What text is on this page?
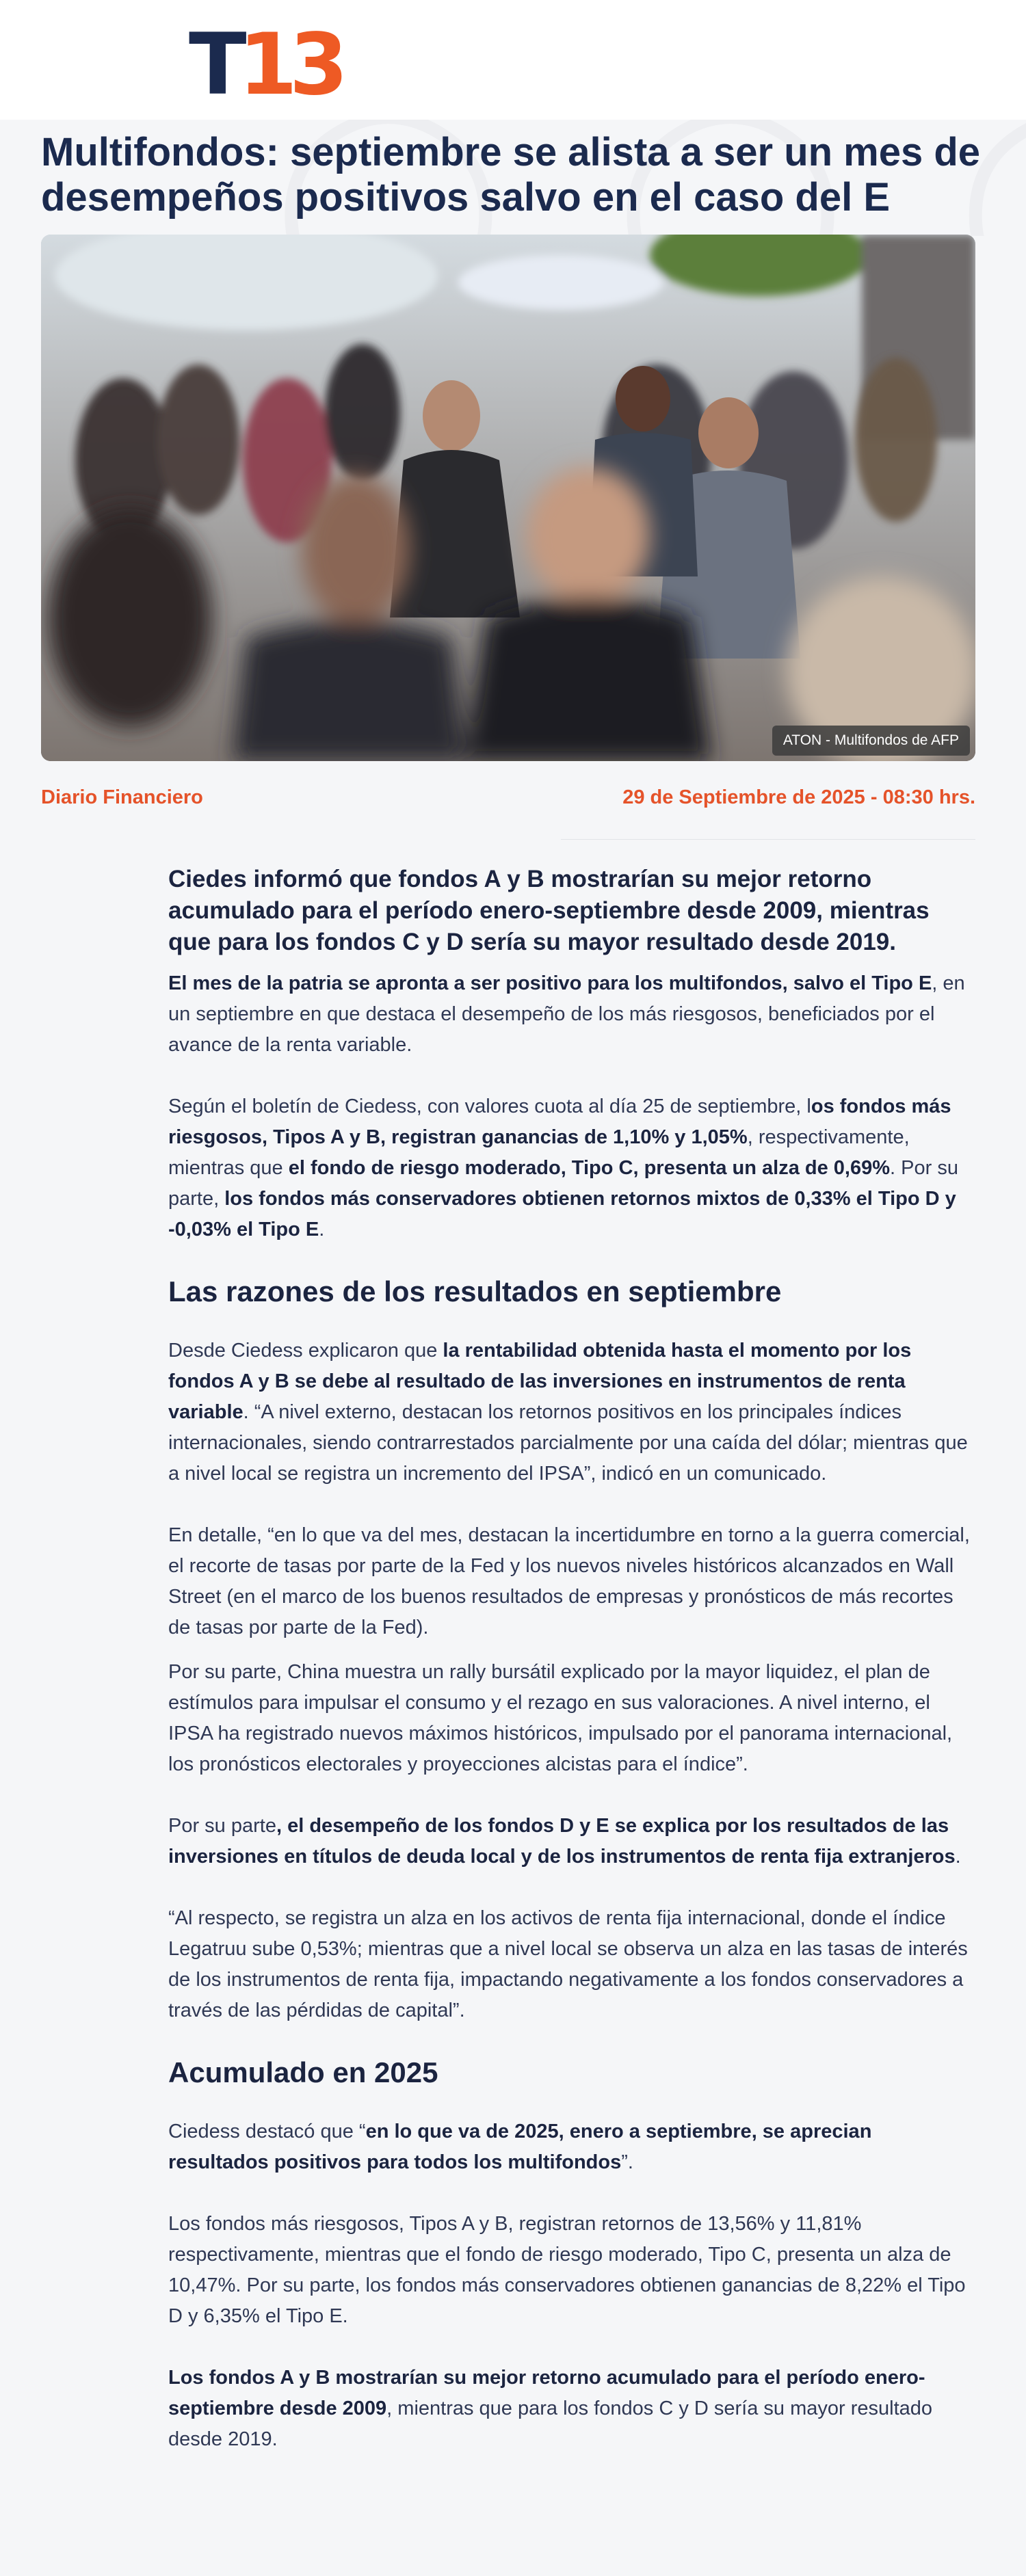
T 13
Multifondos: septiembre se alista a ser un mes de desempeños positivos salvo en el caso del E
ATON - Multifondos de AFP
Diario Financiero	29 de Septiembre de 2025 - 08:30 hrs.

Ciedes informó que fondos A y B mostrarían su mejor retorno acumulado para el período enero-septiembre desde 2009, mientras que para los fondos C y D sería su mayor resultado desde 2019.

El mes de la patria se apronta a ser positivo para los multifondos, salvo el Tipo E, en un septiembre en que destaca el desempeño de los más riesgosos, beneficiados por el avance de la renta variable.

Según el boletín de Ciedess, con valores cuota al día 25 de septiembre, los fondos más riesgosos, Tipos A y B, registran ganancias de 1,10% y 1,05%, respectivamente, mientras que el fondo de riesgo moderado, Tipo C, presenta un alza de 0,69%. Por su parte, los fondos más conservadores obtienen retornos mixtos de 0,33% el Tipo D y -0,03% el Tipo E.

Las razones de los resultados en septiembre

Desde Ciedess explicaron que la rentabilidad obtenida hasta el momento por los fondos A y B se debe al resultado de las inversiones en instrumentos de renta variable. “A nivel externo, destacan los retornos positivos en los principales índices internacionales, siendo contrarrestados parcialmente por una caída del dólar; mientras que a nivel local se registra un incremento del IPSA”, indicó en un comunicado.

En detalle, “en lo que va del mes, destacan la incertidumbre en torno a la guerra comercial, el recorte de tasas por parte de la Fed y los nuevos niveles históricos alcanzados en Wall Street (en el marco de los buenos resultados de empresas y pronósticos de más recortes de tasas por parte de la Fed).

Por su parte, China muestra un rally bursátil explicado por la mayor liquidez, el plan de estímulos para impulsar el consumo y el rezago en sus valoraciones. A nivel interno, el IPSA ha registrado nuevos máximos históricos, impulsado por el panorama internacional, los pronósticos electorales y proyecciones alcistas para el índice”.

Por su parte, el desempeño de los fondos D y E se explica por los resultados de las inversiones en títulos de deuda local y de los instrumentos de renta fija extranjeros.

“Al respecto, se registra un alza en los activos de renta fija internacional, donde el índice Legatruu sube 0,53%; mientras que a nivel local se observa un alza en las tasas de interés de los instrumentos de renta fija, impactando negativamente a los fondos conservadores a través de las pérdidas de capital”.

Acumulado en 2025

Ciedess destacó que “en lo que va de 2025, enero a septiembre, se aprecian resultados positivos para todos los multifondos”.

Los fondos más riesgosos, Tipos A y B, registran retornos de 13,56% y 11,81% respectivamente, mientras que el fondo de riesgo moderado, Tipo C, presenta un alza de 10,47%. Por su parte, los fondos más conservadores obtienen ganancias de 8,22% el Tipo D y 6,35% el Tipo E.

Los fondos A y B mostrarían su mejor retorno acumulado para el período enero-septiembre desde 2009, mientras que para los fondos C y D sería su mayor resultado desde 2019.
